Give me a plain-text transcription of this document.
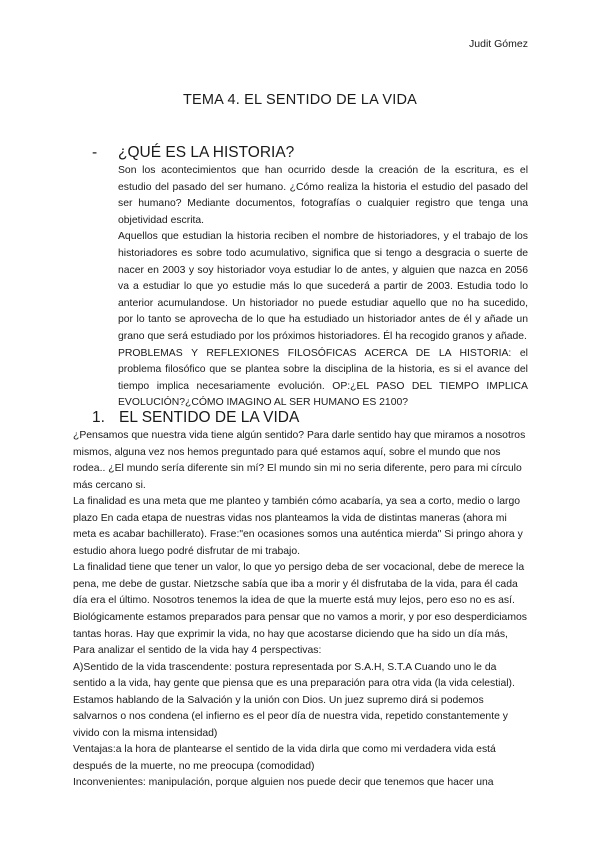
Judit Gómez
TEMA 4. EL SENTIDO DE LA VIDA
- ¿QUÉ ES LA HISTORIA?

Son los acontecimientos que han ocurrido desde la creación de la escritura, es el estudio del pasado del ser humano. ¿Cómo realiza la historia el estudio del pasado del ser humano? Mediante documentos, fotografías o cualquier registro que tenga una objetividad escrita.

Aquellos que estudian la historia reciben el nombre de historiadores, y el trabajo de los historiadores es sobre todo acumulativo, significa que si tengo a desgracia o suerte de nacer en 2003 y soy historiador voya estudiar lo de antes, y alguien que nazca en 2056 va a estudiar lo que yo estudie más lo que sucederá a partir de 2003. Estudia todo lo anterior acumulandose. Un historiador no puede estudiar aquello que no ha sucedido, por lo tanto se aprovecha de lo que ha estudiado un historiador antes de él y añade un grano que será estudiado por los próximos historiadores. Él ha recogido granos y añade.

PROBLEMAS Y REFLEXIONES FILOSÓFICAS ACERCA DE LA HISTORIA: el problema filosófico que se plantea sobre la disciplina de la historia, es si el avance del tiempo implica necesariamente evolución. OP:¿EL PASO DEL TIEMPO IMPLICA EVOLUCIÓN?¿CÓMO IMAGINO AL SER HUMANO ES 2100?

1. EL SENTIDO DE LA VIDA

¿Pensamos que nuestra vida tiene algún sentido? Para darle sentido hay que miramos a nosotros mismos, alguna vez nos hemos preguntado para qué estamos aquí, sobre el mundo que nos rodea.. ¿El mundo sería diferente sin mí? El mundo sin mi no seria diferente, pero para mi círculo más cercano si.

La finalidad es una meta que me planteo y también cómo acabaría, ya sea a corto, medio o largo plazo En cada etapa de nuestras vidas nos planteamos la vida de distintas maneras (ahora mi meta es acabar bachillerato). Frase:"en ocasiones somos una auténtica mierda" Si pringo ahora y estudio ahora luego podré disfrutar de mi trabajo.

La finalidad tiene que tener un valor, lo que yo persigo deba de ser vocacional, debe de merece la pena, me debe de gustar. Nietzsche sabía que iba a morir y él disfrutaba de la vida, para él cada día era el último. Nosotros tenemos la idea de que la muerte está muy lejos, pero eso no es así. Biológicamente estamos preparados para pensar que no vamos a morir, y por eso desperdiciamos tantas horas. Hay que exprimir la vida, no hay que acostarse diciendo que ha sido un día más,

Para analizar el sentido de la vida hay 4 perspectivas:

A)Sentido de la vida trascendente: postura representada por S.A.H, S.T.A Cuando uno le da sentido a la vida, hay gente que piensa que es una preparación para otra vida (la vida celestial). Estamos hablando de la Salvación y la unión con Dios. Un juez supremo dirá si podemos salvarnos o nos condena (el infierno es el peor día de nuestra vida, repetido constantemente y vivido con la misma intensidad)

Ventajas:a la hora de plantearse el sentido de la vida dirla que como mi verdadera vida está después de la muerte, no me preocupa (comodidad)

Inconvenientes: manipulación, porque alguien nos puede decir que tenemos que hacer una
